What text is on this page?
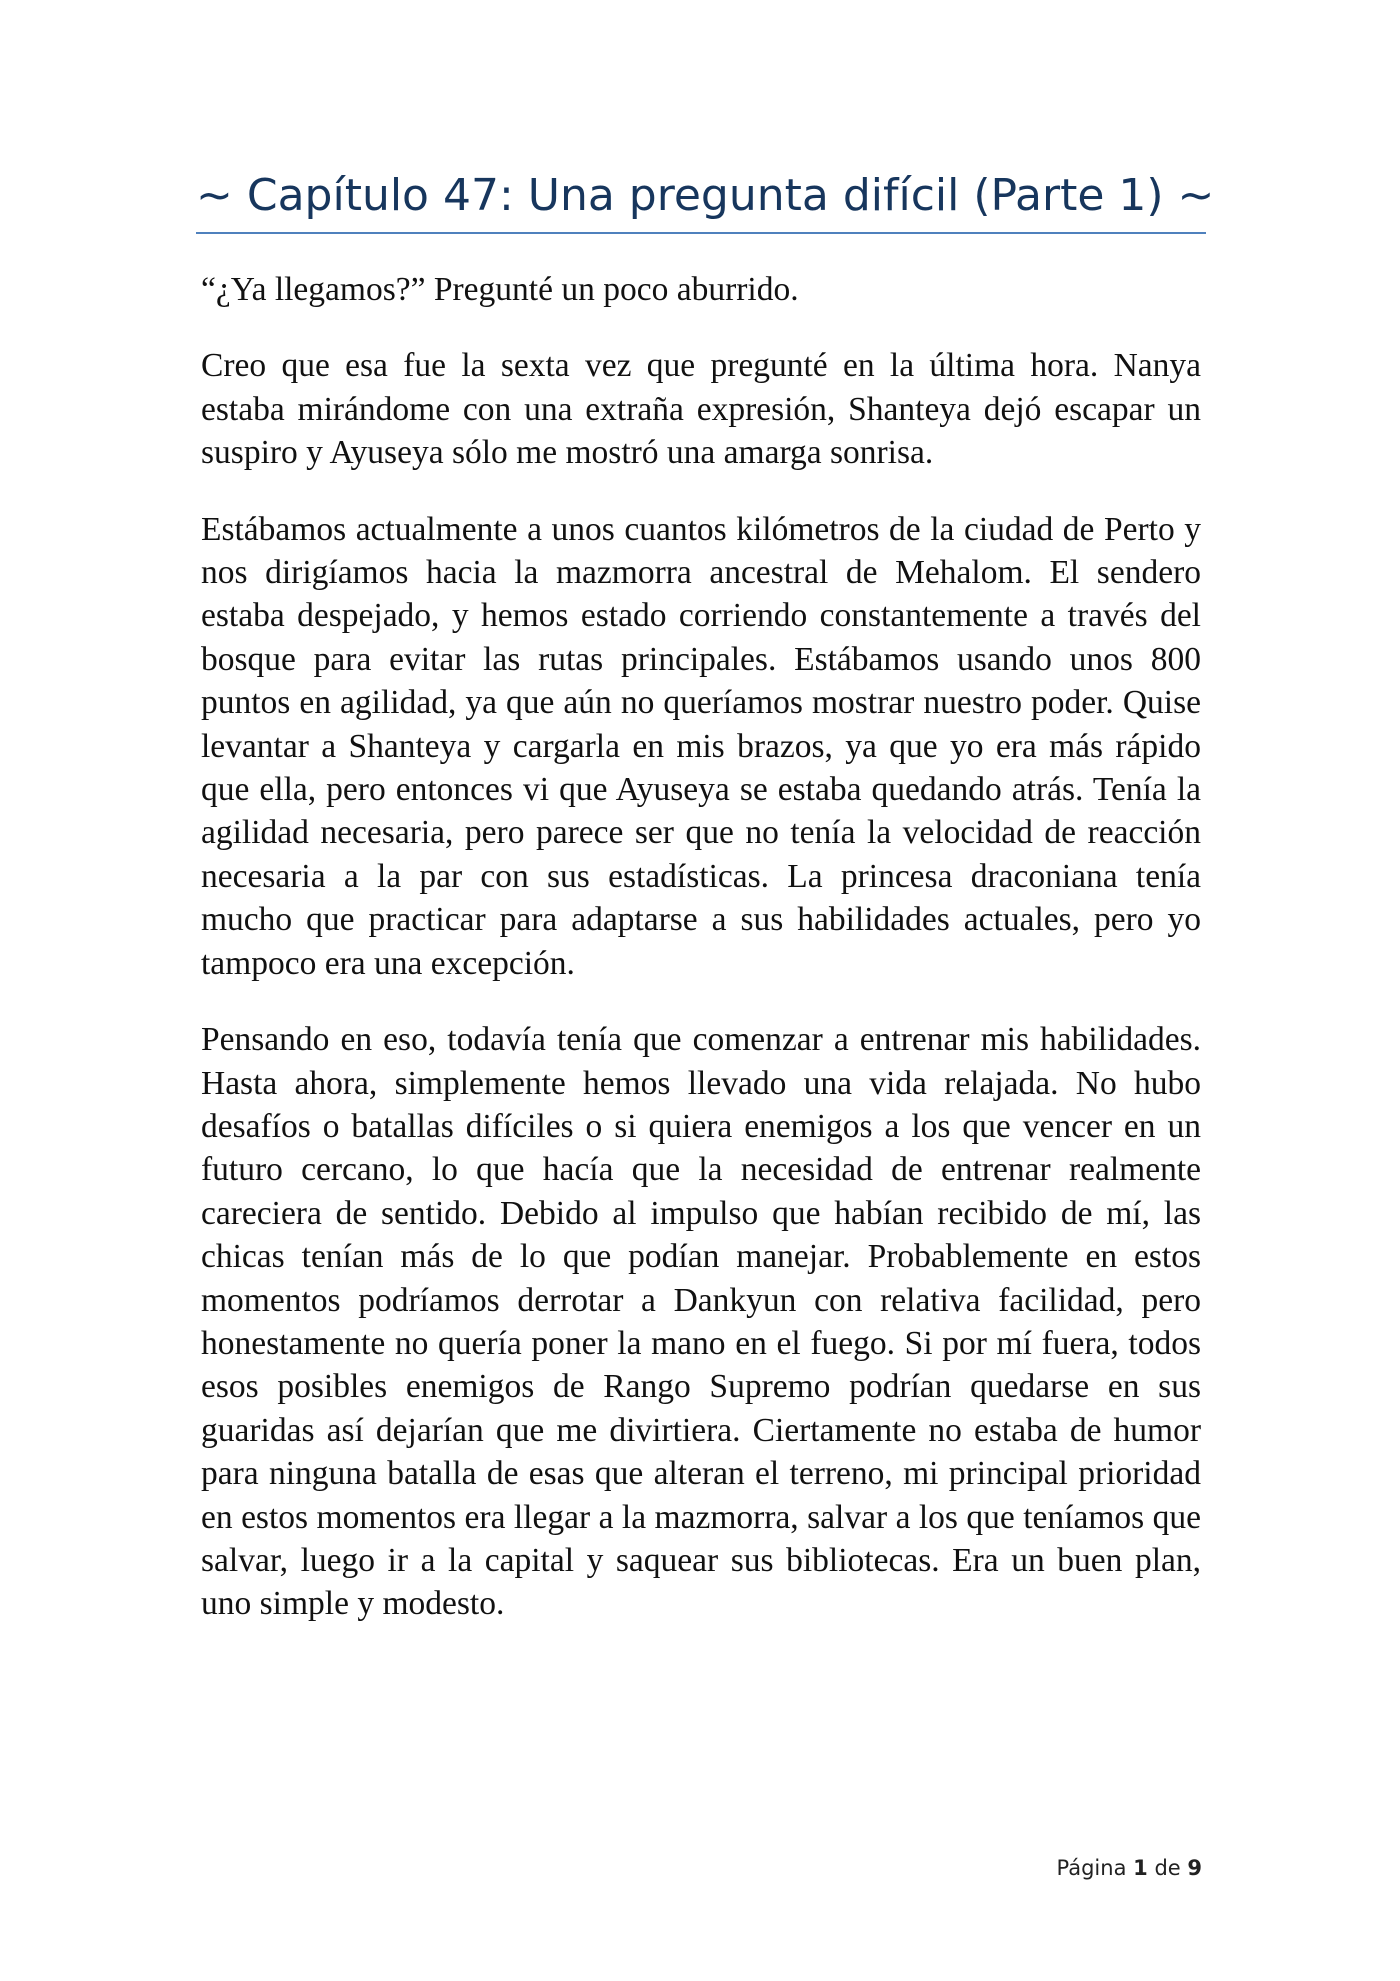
~ Capítulo 47: Una pregunta difícil (Parte 1) ~

“¿Ya llegamos?” Pregunté un poco aburrido.

Creo que esa fue la sexta vez que pregunté en la última hora. Nanya estaba mirándome con una extraña expresión, Shanteya dejó escapar un suspiro y Ayuseya sólo me mostró una amarga sonrisa.

Estábamos actualmente a unos cuantos kilómetros de la ciudad de Perto y nos dirigíamos hacia la mazmorra ancestral de Mehalom. El sendero estaba despejado, y hemos estado corriendo constantemente a través del bosque para evitar las rutas principales. Estábamos usando unos 800 puntos en agilidad, ya que aún no queríamos mostrar nuestro poder. Quise levantar a Shanteya y cargarla en mis brazos, ya que yo era más rápido que ella, pero entonces vi que Ayuseya se estaba quedando atrás. Tenía la agilidad necesaria, pero parece ser que no tenía la velocidad de reacción necesaria a la par con sus estadísticas. La princesa draconiana tenía mucho que practicar para adaptarse a sus habilidades actuales, pero yo tampoco era una excepción.

Pensando en eso, todavía tenía que comenzar a entrenar mis habilidades. Hasta ahora, simplemente hemos llevado una vida relajada. No hubo desafíos o batallas difíciles o si quiera enemigos a los que vencer en un futuro cercano, lo que hacía que la necesidad de entrenar realmente careciera de sentido. Debido al impulso que habían recibido de mí, las chicas tenían más de lo que podían manejar. Probablemente en estos momentos podríamos derrotar a Dankyun con relativa facilidad, pero honestamente no quería poner la mano en el fuego. Si por mí fuera, todos esos posibles enemigos de Rango Supremo podrían quedarse en sus guaridas así dejarían que me divirtiera. Ciertamente no estaba de humor para ninguna batalla de esas que alteran el terreno, mi principal prioridad en estos momentos era llegar a la mazmorra, salvar a los que teníamos que salvar, luego ir a la capital y saquear sus bibliotecas. Era un buen plan, uno simple y modesto.

Página 1 de 9
